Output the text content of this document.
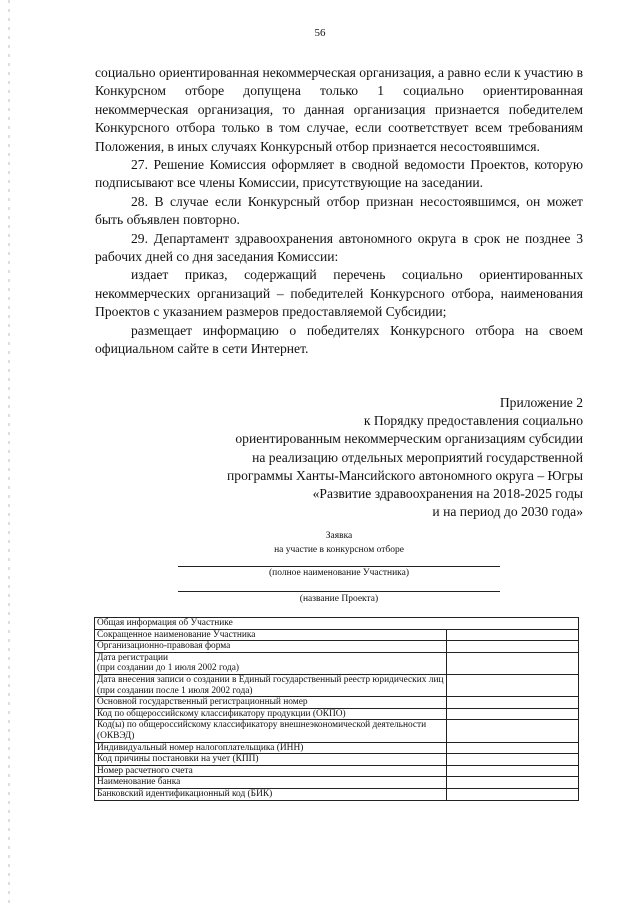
56

социально ориентированная некоммерческая организация, а равно если к участию в Конкурсном отборе допущена только 1 социально ориентированная некоммерческая организация, то данная организация признается победителем Конкурсного отбора только в том случае, если соответствует всем требованиям Положения, в иных случаях Конкурсный отбор признается несостоявшимся.

27. Решение Комиссия оформляет в сводной ведомости Проектов, которую подписывают все члены Комиссии, присутствующие на заседании.

28. В случае если Конкурсный отбор признан несостоявшимся, он может быть объявлен повторно.

29. Департамент здравоохранения автономного округа в срок не позднее 3 рабочих дней со дня заседания Комиссии:

издает приказ, содержащий перечень социально ориентированных некоммерческих организаций – победителей Конкурсного отбора, наименования Проектов с указанием размеров предоставляемой Субсидии;

размещает информацию о победителях Конкурсного отбора на своем официальном сайте в сети Интернет.

Приложение 2
к Порядку предоставления социально
ориентированным некоммерческим организациям субсидии
на реализацию отдельных мероприятий государственной
программы Ханты-Мансийского автономного округа – Югры
«Развитие здравоохранения на 2018-2025 годы
и на период до 2030 года»
Заявка
на участие в конкурсном отборе
(полное наименование Участника)
(название Проекта)
Общая информация об Участнике	
Сокращенное наименование Участника	
Организационно-правовая форма	
Дата регистрации
(при создании до 1 июля 2002 года)	
Дата внесения записи о создании в Единый государственный реестр юридических лиц (при создании после 1 июля 2002 года)	
Основной государственный регистрационный номер	
Код по общероссийскому классификатору продукции (ОКПО)	
Код(ы) по общероссийскому классификатору внешнеэкономической деятельности (ОКВЭД)	
Индивидуальный номер налогоплательщика (ИНН)	
Код причины постановки на учет (КПП)	
Номер расчетного счета	
Наименование банка	
Банковский идентификационный код (БИК)	
